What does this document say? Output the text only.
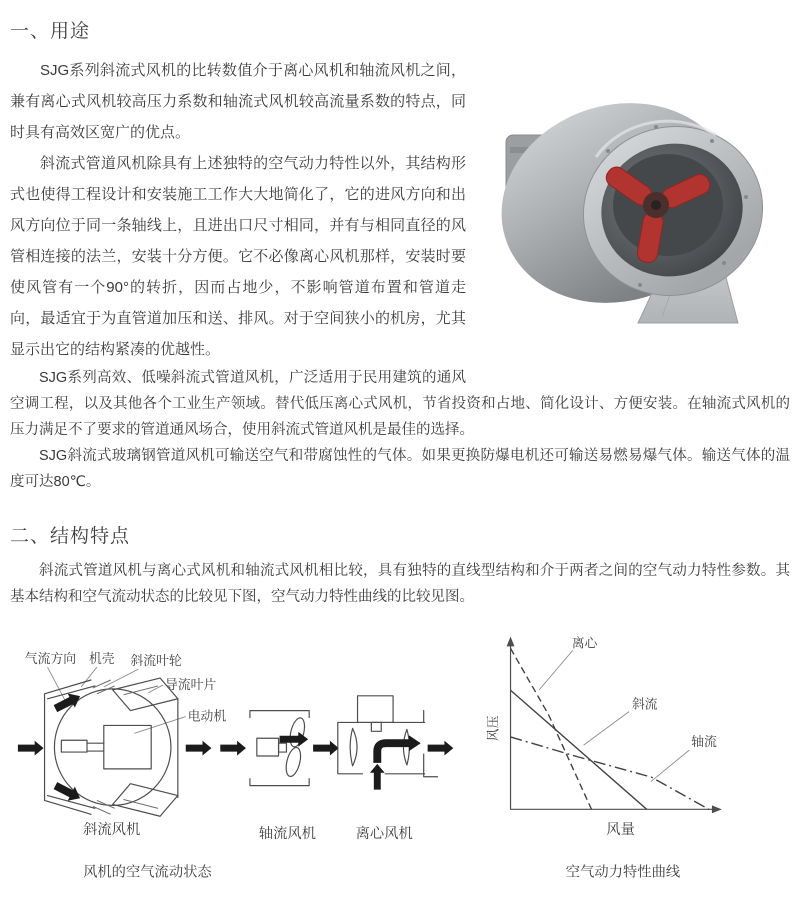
一、用途

SJG系列斜流式风机的比转数值介于离心风机和轴流风机之间，兼有离心式风机较高压力系数和轴流式风机较高流量系数的特点，同时具有高效区宽广的优点。

斜流式管道风机除具有上述独特的空气动力特性以外，其结构形式也使得工程设计和安装施工工作大大地简化了，它的进风方向和出风方向位于同一条轴线上，且进出口尺寸相同，并有与相同直径的风管相连接的法兰，安装十分方便。它不必像离心风机那样，安装时要使风管有一个90°的转折，因而占地少，不影响管道布置和管道走向，最适宜于为直管道加压和送、排风。对于空间狭小的机房，尤其显示出它的结构紧凑的优越性。

SJG系列高效、低噪斜流式管道风机，广泛适用于民用建筑的通风空调工程，以及其他各个工业生产领域。替代低压离心式风机，节省投资和占地、简化设计、方便安装。在轴流式风机的压力满足不了要求的管道通风场合，使用斜流式管道风机是最佳的选择。

SJG斜流式玻璃钢管道风机可输送空气和带腐蚀性的气体。如果更换防爆电机还可输送易燃易爆气体。输送气体的温度可达80℃。

二、结构特点

斜流式管道风机与离心式风机和轴流式风机相比较，具有独特的直线型结构和介于两者之间的空气动力特性参数。其基本结构和空气流动状态的比较见下图，空气动力特性曲线的比较见图。

气流方向 机壳 斜流叶轮
导流叶片
电动机
斜流风机	轴流风机	离心风机
风机的空气流动状态
离心
斜流
轴流
风压
风量
空气动力特性曲线
